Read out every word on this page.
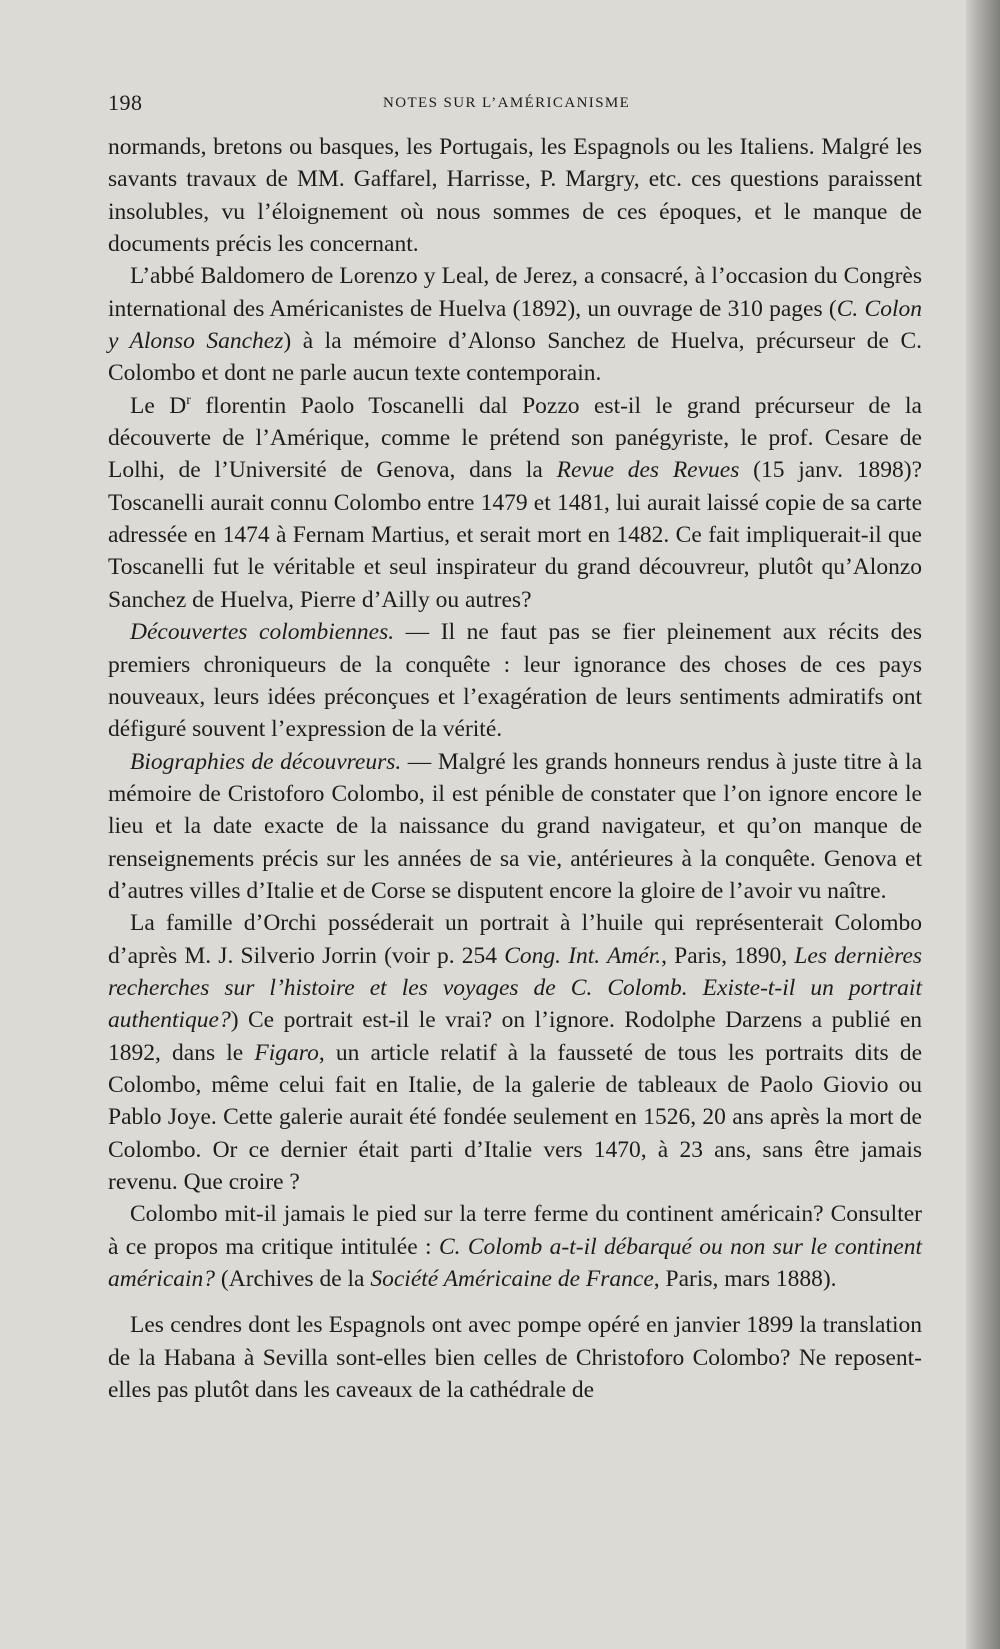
198	NOTES SUR L’AMÉRICANISME

normands, bretons ou basques, les Portugais, les Espagnols ou les Italiens. Malgré les savants travaux de MM. Gaffarel, Harrisse, P. Margry, etc. ces questions paraissent insolubles, vu l’éloignement où nous sommes de ces époques, et le manque de documents précis les concernant.

L’abbé Baldomero de Lorenzo y Leal, de Jerez, a consacré, à l’occasion du Congrès international des Américanistes de Huelva (1892), un ouvrage de 310 pages (C. Colon y Alonso Sanchez) à la mémoire d’Alonso Sanchez de Huelva, précurseur de C. Colombo et dont ne parle aucun texte contemporain.

Le $D^r$ florentin Paolo Toscanelli dal Pozzo est-il le grand précurseur de la découverte de l’Amérique, comme le prétend son panégyriste, le prof. Cesare de Lolhi, de l’Université de Genova, dans la Revue des Revues (15 janv. 1898)? Toscanelli aurait connu Colombo entre 1479 et 1481, lui aurait laissé copie de sa carte adressée en 1474 à Fernam Martius, et serait mort en 1482. Ce fait impliquerait-il que Toscanelli fut le véritable et seul inspirateur du grand découvreur, plutôt qu’Alonzo Sanchez de Huelva, Pierre d’Ailly ou autres?

Découvertes colombiennes. — Il ne faut pas se fier pleinement aux récits des premiers chroniqueurs de la conquête : leur ignorance des choses de ces pays nouveaux, leurs idées préconçues et l’exagération de leurs sentiments admiratifs ont défiguré souvent l’expression de la vérité.

Biographies de découvreurs. — Malgré les grands honneurs rendus à juste titre à la mémoire de Cristoforo Colombo, il est pénible de constater que l’on ignore encore le lieu et la date exacte de la naissance du grand navigateur, et qu’on manque de renseignements précis sur les années de sa vie, antérieures à la conquête. Genova et d’autres villes d’Italie et de Corse se disputent encore la gloire de l’avoir vu naître.

La famille d’Orchi posséderait un portrait à l’huile qui représenterait Colombo d’après M. J. Silverio Jorrin (voir p. 254 Cong. Int. Amér., Paris, 1890, Les dernières recherches sur l’histoire et les voyages de C. Colomb. Existe-t-il un portrait authentique?) Ce portrait est-il le vrai? on l’ignore. Rodolphe Darzens a publié en 1892, dans le Figaro, un article relatif à la fausseté de tous les portraits dits de Colombo, même celui fait en Italie, de la galerie de tableaux de Paolo Giovio ou Pablo Joye. Cette galerie aurait été fondée seulement en 1526, 20 ans après la mort de Colombo. Or ce dernier était parti d’Italie vers 1470, à 23 ans, sans être jamais revenu. Que croire ?

Colombo mit-il jamais le pied sur la terre ferme du continent américain? Consulter à ce propos ma critique intitulée : C. Colomb a-t-il débarqué ou non sur le continent américain? (Archives de la Société Américaine de France, Paris, mars 1888).

Les cendres dont les Espagnols ont avec pompe opéré en janvier 1899 la translation de la Habana à Sevilla sont-elles bien celles de Christoforo Colombo? Ne reposent-elles pas plutôt dans les caveaux de la cathédrale de
